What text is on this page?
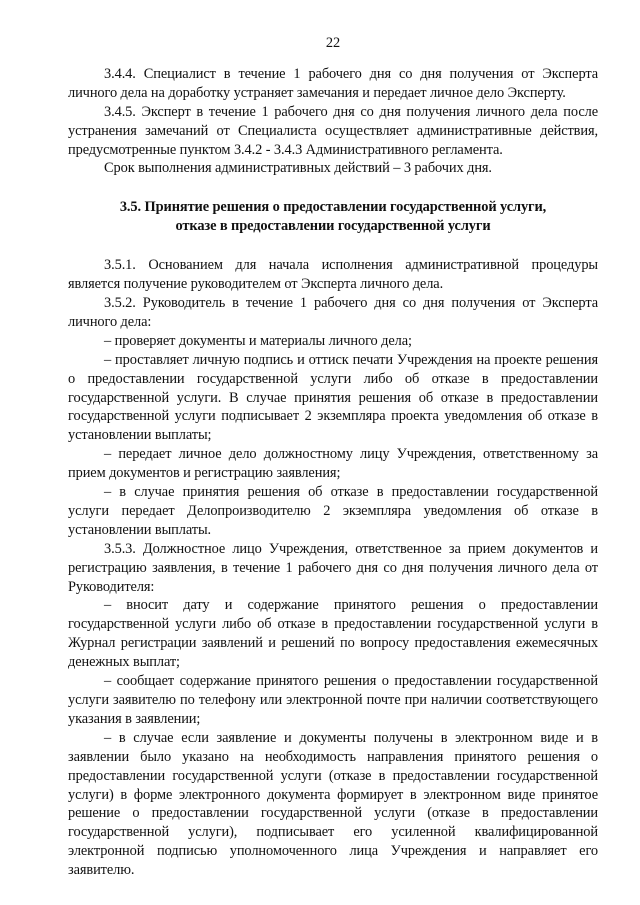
22

3.4.4. Специалист в течение 1 рабочего дня со дня получения от Эксперта личного дела на доработку устраняет замечания и передает личное дело Эксперту.

3.4.5. Эксперт в течение 1 рабочего дня со дня получения личного дела после устранения замечаний от Специалиста осуществляет административные действия, предусмотренные пунктом 3.4.2 - 3.4.3 Административного регламента.

Срок выполнения административных действий – 3 рабочих дня.

3.5. Принятие решения о предоставлении государственной услуги,
отказе в предоставлении государственной услуги

3.5.1. Основанием для начала исполнения административной процедуры является получение руководителем от Эксперта личного дела.

3.5.2. Руководитель в течение 1 рабочего дня со дня получения от Эксперта личного дела:

– проверяет документы и материалы личного дела;

– проставляет личную подпись и оттиск печати Учреждения на проекте решения о предоставлении государственной услуги либо об отказе в предоставлении государственной услуги. В случае принятия решения об отказе в предоставлении государственной услуги подписывает 2 экземпляра проекта уведомления об отказе в установлении выплаты;

– передает личное дело должностному лицу Учреждения, ответственному за прием документов и регистрацию заявления;

– в случае принятия решения об отказе в предоставлении государственной услуги передает Делопроизводителю 2 экземпляра уведомления об отказе в установлении выплаты.

3.5.3. Должностное лицо Учреждения, ответственное за прием документов и регистрацию заявления, в течение 1 рабочего дня со дня получения личного дела от Руководителя:

– вносит дату и содержание принятого решения о предоставлении государственной услуги либо об отказе в предоставлении государственной услуги в Журнал регистрации заявлений и решений по вопросу предоставления ежемесячных денежных выплат;

– сообщает содержание принятого решения о предоставлении государственной услуги заявителю по телефону или электронной почте при наличии соответствующего указания в заявлении;

– в случае если заявление и документы получены в электронном виде и в заявлении было указано на необходимость направления принятого решения о предоставлении государственной услуги (отказе в предоставлении государственной услуги) в форме электронного документа формирует в электронном виде принятое решение о предоставлении государственной услуги (отказе в предоставлении государственной услуги), подписывает его усиленной квалифицированной электронной подписью уполномоченного лица Учреждения и направляет его заявителю.
